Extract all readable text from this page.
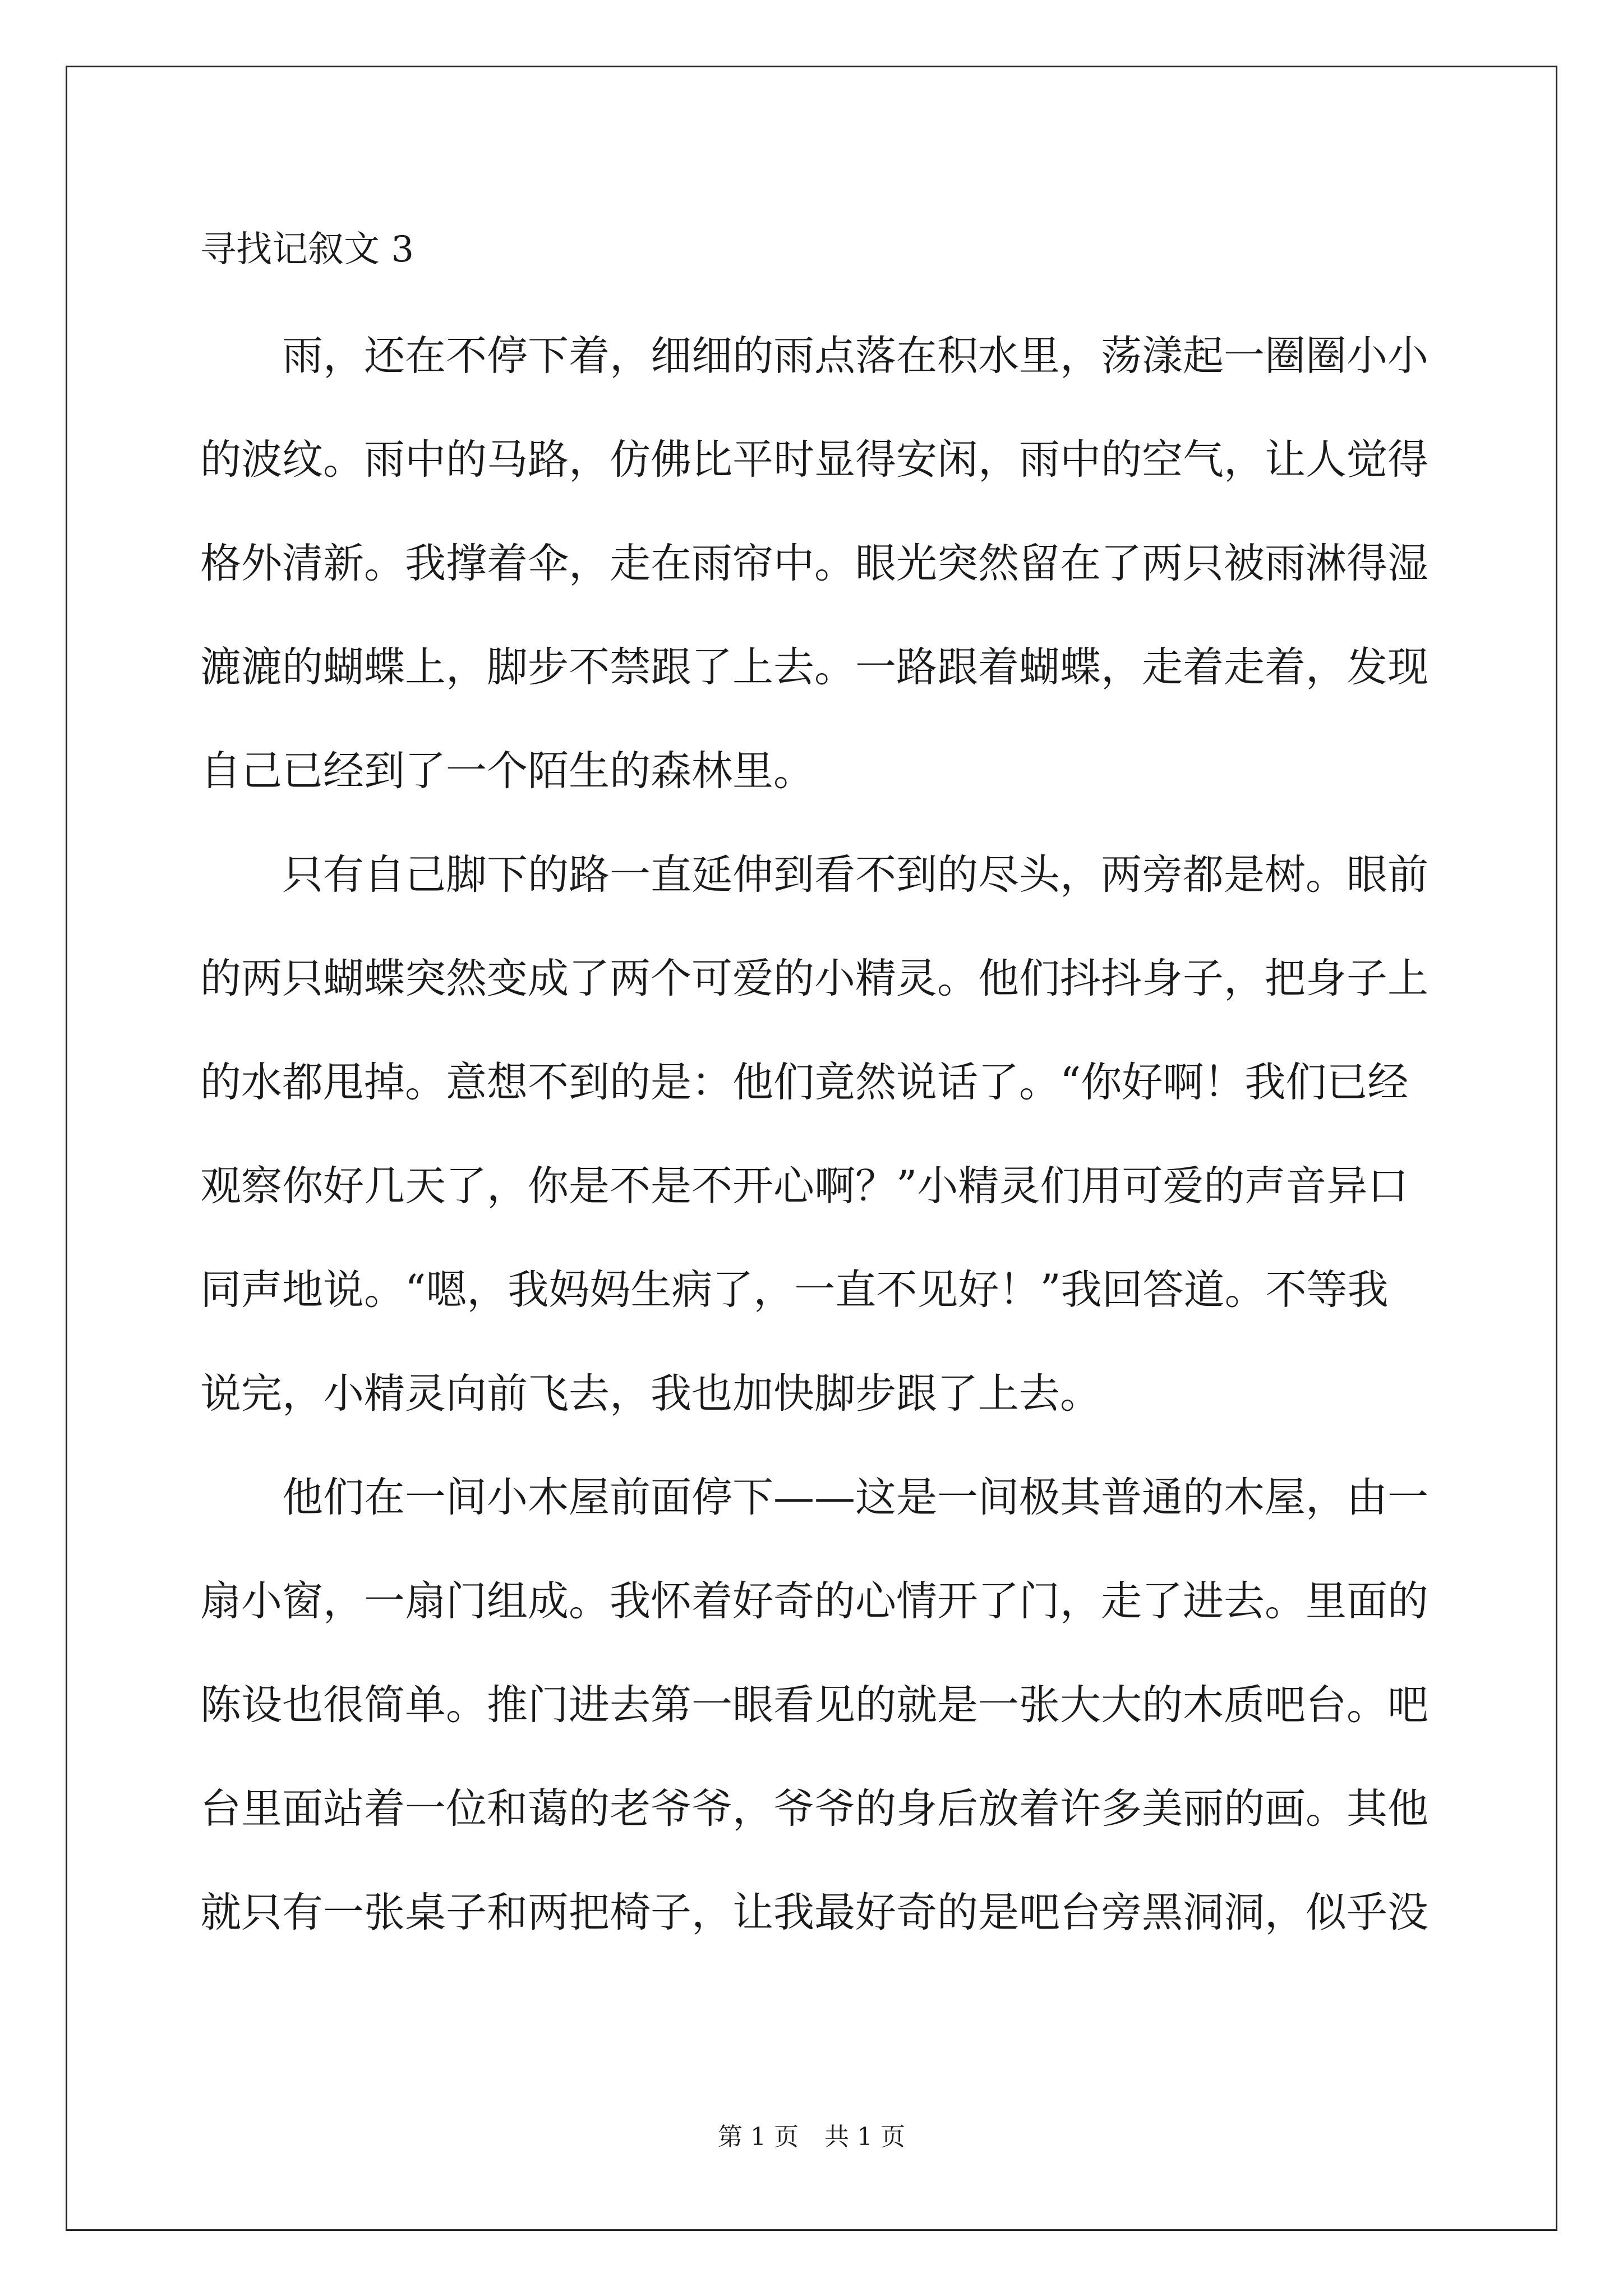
寻找记叙文 3
雨，还在不停下着，细细的雨点落在积水里，荡漾起一圈圈小小
的波纹。雨中的马路，仿佛比平时显得安闲，雨中的空气，让人觉得
格外清新。我撑着伞，走在雨帘中。眼光突然留在了两只被雨淋得湿
漉漉的蝴蝶上，脚步不禁跟了上去。一路跟着蝴蝶，走着走着，发现
自己已经到了一个陌生的森林里。
只有自己脚下的路一直延伸到看不到的尽头，两旁都是树。眼前
的两只蝴蝶突然变成了两个可爱的小精灵。他们抖抖身子，把身子上
的水都甩掉。意想不到的是：他们竟然说话了。“你好啊！我们已经
观察你好几天了，你是不是不开心啊？”小精灵们用可爱的声音异口
同声地说。“嗯，我妈妈生病了，一直不见好！”我回答道。不等我
说完，小精灵向前飞去，我也加快脚步跟了上去。
他们在一间小木屋前面停下——这是一间极其普通的木屋，由一
扇小窗，一扇门组成。我怀着好奇的心情开了门，走了进去。里面的
陈设也很简单。推门进去第一眼看见的就是一张大大的木质吧台。吧
台里面站着一位和蔼的老爷爷，爷爷的身后放着许多美丽的画。其他
就只有一张桌子和两把椅子，让我最好奇的是吧台旁黑洞洞，似乎没
第 1 页 共 1 页
